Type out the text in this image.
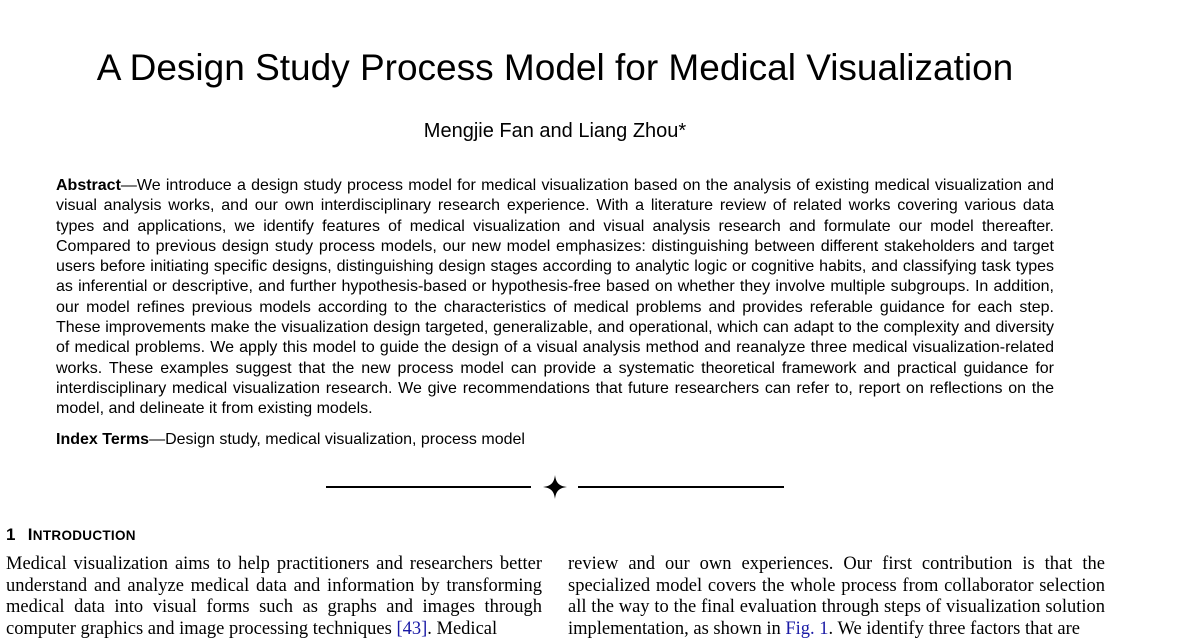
A Design Study Process Model for Medical Visualization
Mengjie Fan and Liang Zhou*

Abstract—We introduce a design study process model for medical visualization based on the analysis of existing medical visualization and visual analysis works, and our own interdisciplinary research experience. With a literature review of related works covering various data types and applications, we identify features of medical visualization and visual analysis research and formulate our model thereafter. Compared to previous design study process models, our new model emphasizes: distinguishing between different stakeholders and target users before initiating specific designs, distinguishing design stages according to analytic logic or cognitive habits, and classifying task types as inferential or descriptive, and further hypothesis-based or hypothesis-free based on whether they involve multiple subgroups. In addition, our model refines previous models according to the characteristics of medical problems and provides referable guidance for each step. These improvements make the visualization design targeted, generalizable, and operational, which can adapt to the complexity and diversity of medical problems. We apply this model to guide the design of a visual analysis method and reanalyze three medical visualization-related works. These examples suggest that the new process model can provide a systematic theoretical framework and practical guidance for interdisciplinary medical visualization research. We give recommendations that future researchers can refer to, report on reflections on the model, and delineate it from existing models.

Index Terms—Design study, medical visualization, process model

1 INTRODUCTION

Medical visualization aims to help practitioners and researchers better understand and analyze medical data and information by transforming medical data into visual forms such as graphs and images through computer graphics and image processing techniques [43]. Medical

review and our own experiences. Our first contribution is that the specialized model covers the whole process from collaborator selection all the way to the final evaluation through steps of visualization solution implementation, as shown in Fig. 1. We identify three factors that are
